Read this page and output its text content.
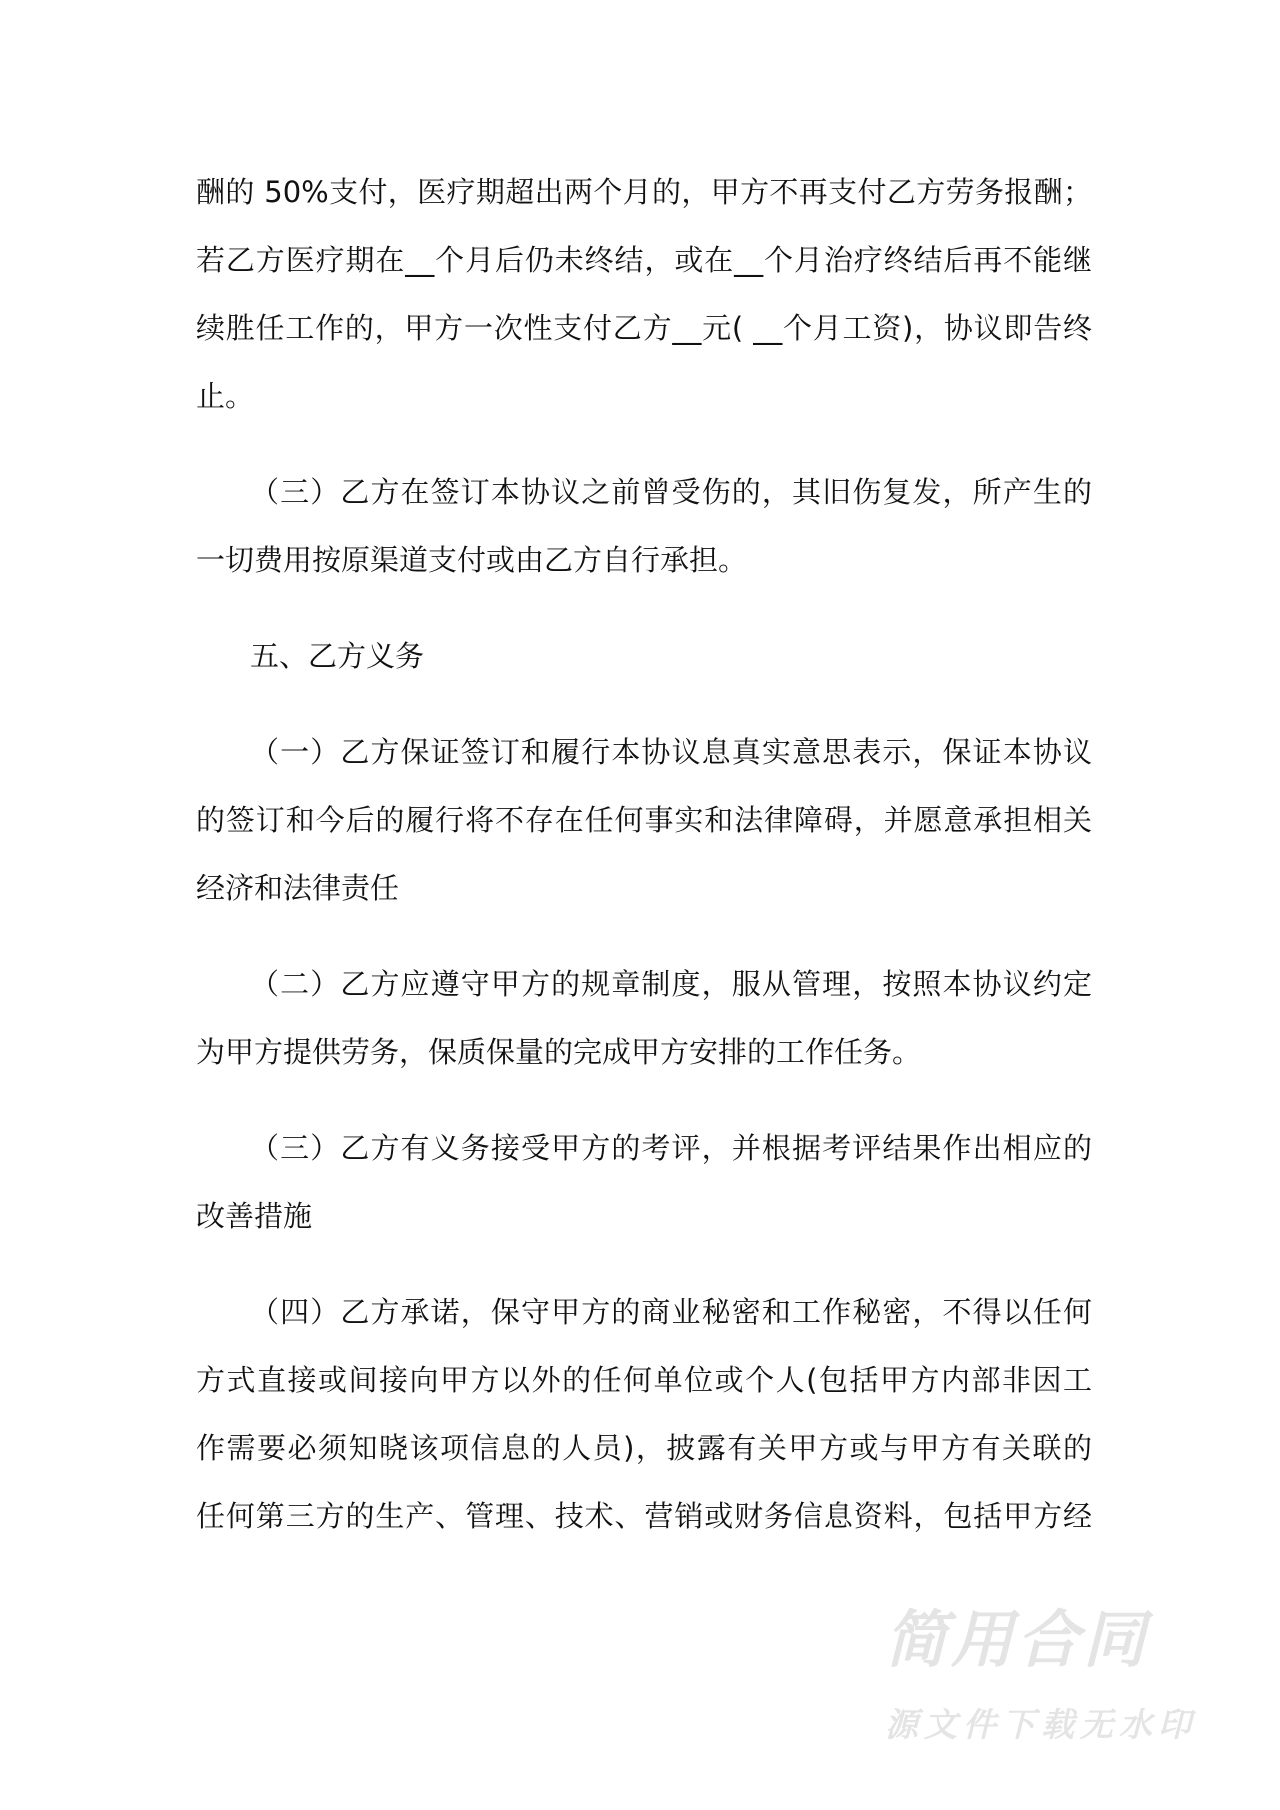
酬的 50%支付，医疗期超出两个月的，甲方不再支付乙方劳务报酬；
若乙方医疗期在__个月后仍未终结，或在__个月治疗终结后再不能继
续胜任工作的，甲方一次性支付乙方__元( __个月工资)，协议即告终
止。
（三）乙方在签订本协议之前曾受伤的，其旧伤复发，所产生的
一切费用按原渠道支付或由乙方自行承担。
五、乙方义务
（一）乙方保证签订和履行本协议息真实意思表示，保证本协议
的签订和今后的履行将不存在任何事实和法律障碍，并愿意承担相关
经济和法律责任
（二）乙方应遵守甲方的规章制度，服从管理，按照本协议约定
为甲方提供劳务，保质保量的完成甲方安排的工作任务。
（三）乙方有义务接受甲方的考评，并根据考评结果作出相应的
改善措施
（四）乙方承诺，保守甲方的商业秘密和工作秘密，不得以任何
方式直接或间接向甲方以外的任何单位或个人(包括甲方内部非因工
作需要必须知晓该项信息的人员)，披露有关甲方或与甲方有关联的
任何第三方的生产、管理、技术、营销或财务信息资料，包括甲方经
简用合同
源文件下载无水印
